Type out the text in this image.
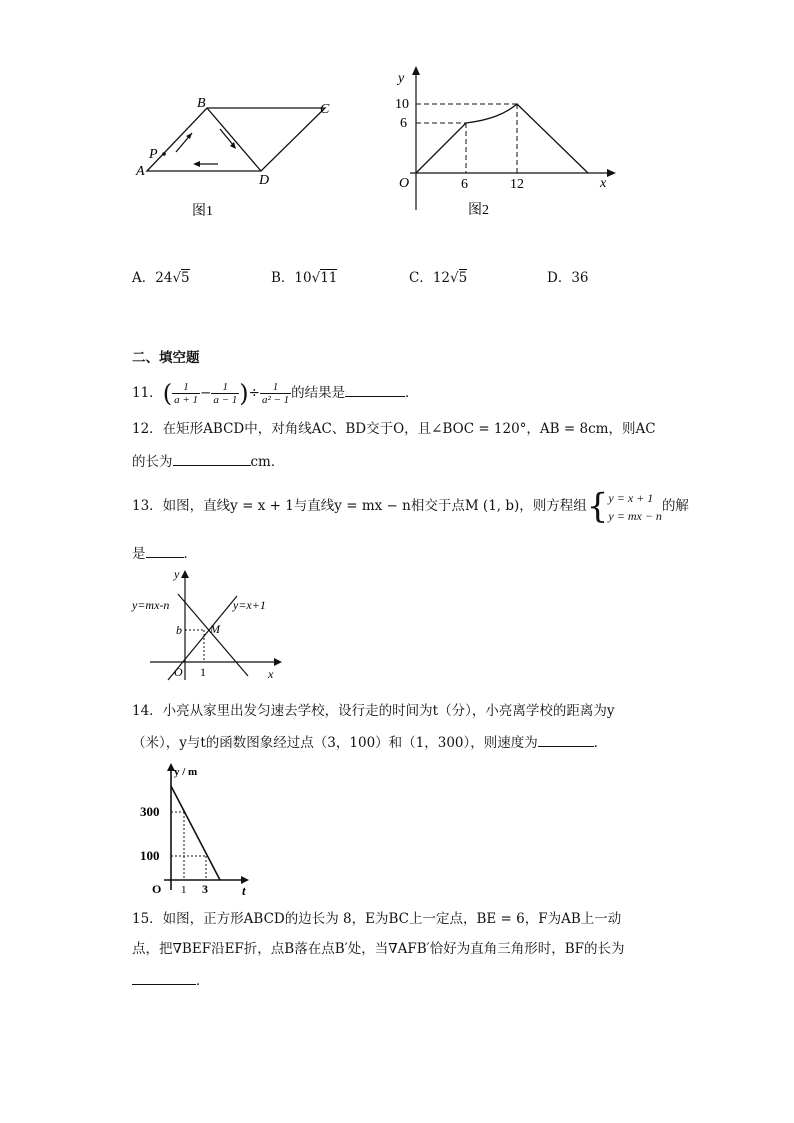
A
B	C
D
P
图1
y
x
O
10
6
6	12
图2
A．24√5	B．10√11	C．12√5	D．36
二、填空题
11．( $\frac{1}{a + 1} - \frac{1}{a - 1}$ )÷ $\frac{1}{\text{a² − 1}}$ 的结果是	．
12．在矩形ABCD中，对角线AC、BD交于O，且∠BOC = 120°，AB = 8cm，则AC
的长为	cm．
13．如图，直线y = x + 1与直线y = mx − n相交于点M (1, b)，则方程组{ y = x + 1
y = mx − n
的解
是	．
y=mx-n	y=x+1
b M
O 1	x
y
14．小亮从家里出发匀速去学校，设行走的时间为t（分），小亮离学校的距离为y
（米），y与t的函数图象经过点（3，100）和（1，300），则速度为	．
y / m
300
100
O 1 3	t
15．如图，正方形ABCD的边长为 8，E为BC上一定点，BE = 6，F为AB上一动
点，把∇BEF沿EF折，点B落在点B′处，当∇AFB′恰好为直角三角形时，BF的长为
．
